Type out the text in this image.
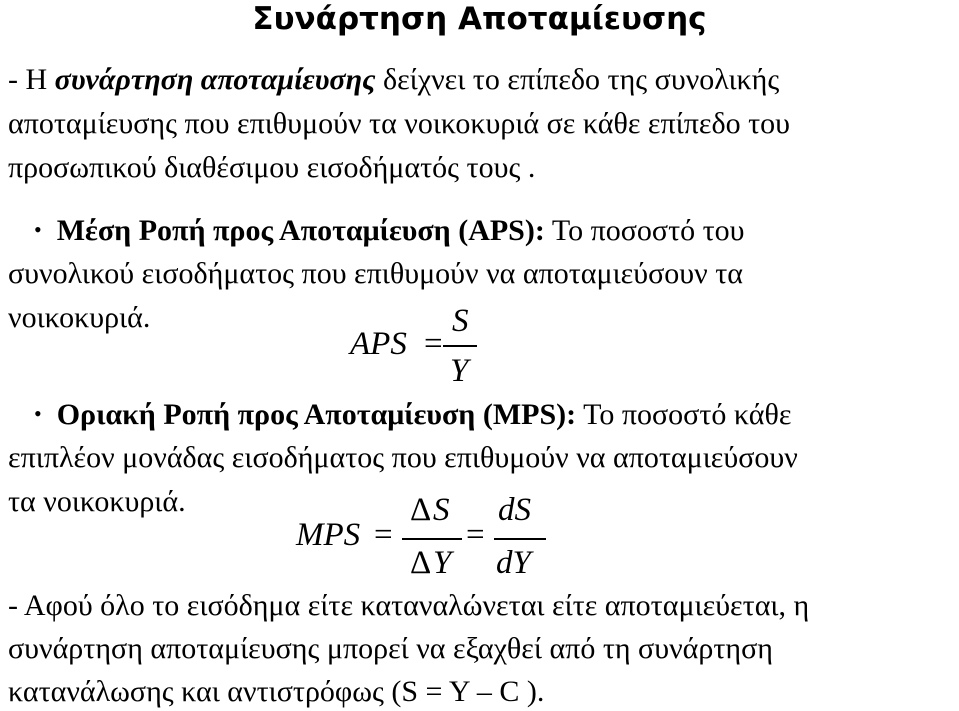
Συνάρτηση Αποταμίευσης
- Η συνάρτηση αποταμίευσης δείχνει το επίπεδο της συνολικής
αποταμίευσης που επιθυμούν τα νοικοκυριά σε κάθε επίπεδο του
προσωπικού διαθέσιμου εισοδήματός τους .
• Μέση Ροπή προς Αποταμίευση (APS): Το ποσοστό του
συνολικού εισοδήματος που επιθυμούν να αποταμιεύσουν τα
νοικοκυριά.
APS =
S
Y
• Οριακή Ροπή προς Αποταμίευση (MPS): Το ποσοστό κάθε
επιπλέον μονάδας εισοδήματος που επιθυμούν να αποταμιεύσουν
τα νοικοκυριά.
MPS =
Δ S
Δ Y
=
dS
dY
- Αφού όλο το εισόδημα είτε καταναλώνεται είτε αποταμιεύεται, η
συνάρτηση αποταμίευσης μπορεί να εξαχθεί από τη συνάρτηση
κατανάλωσης και αντιστρόφως (S = Y – C ).
